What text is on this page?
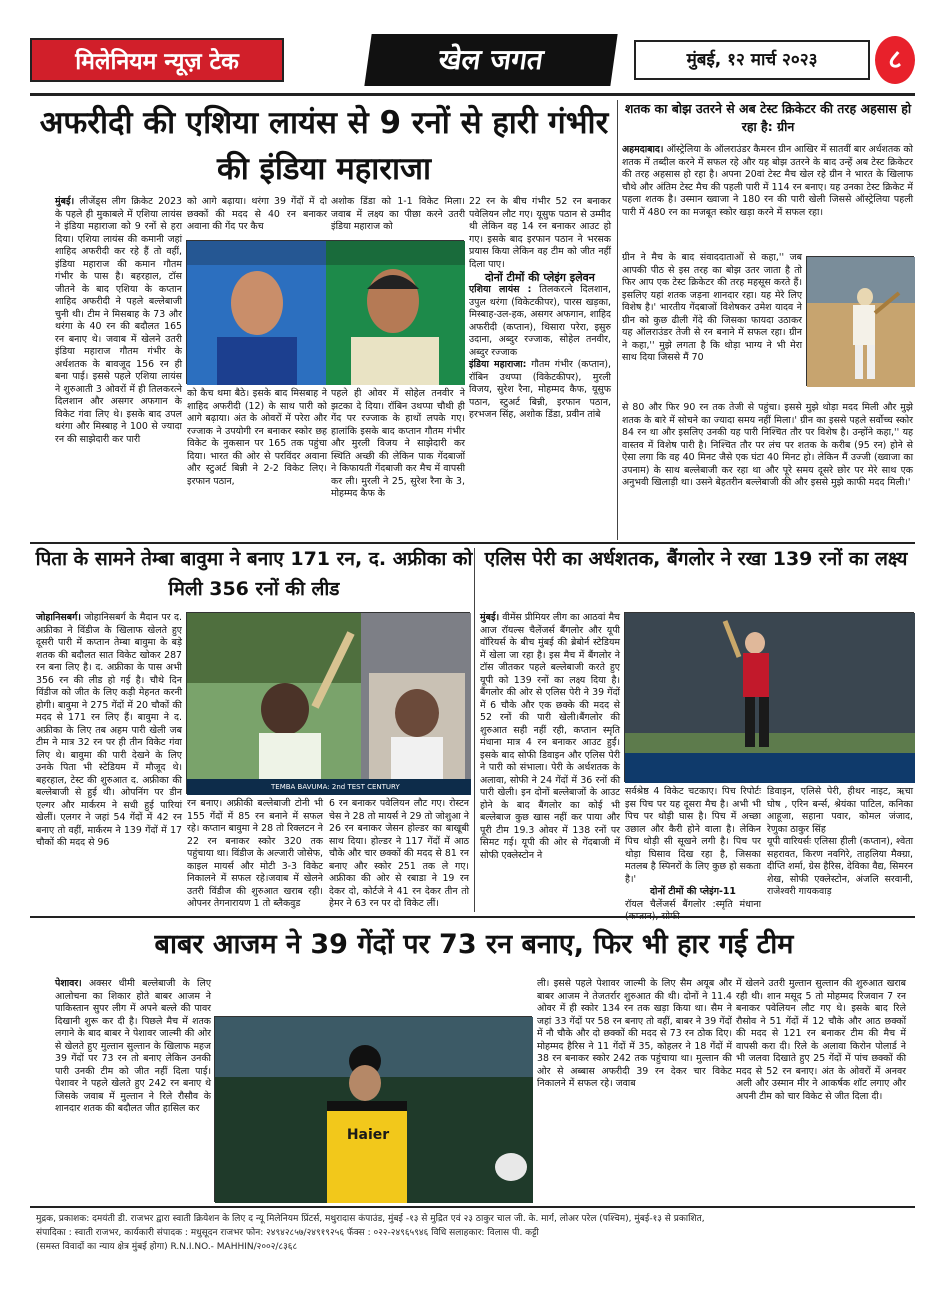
मिलेनियम न्यूज़ टेक	खेल जगत	मुंबई, १२ मार्च २०२३	८
अफरीदी की एशिया लायंस से 9 रनों से हारी गंभीर की इंडिया महाराजा
मुंबई। लीजेंड्स लीग क्रिकेट 2023 के पहले ही मुकाबले में एशिया लायंस ने इंडिया महाराजा को 9 रनों से हरा दिया। एशिया लायंस की कमानी जहां शाहिद अफरीदी कर रहे हैं तो वहीं, इंडिया महाराज की कमान गौतम गंभीर के पास है। बहरहाल, टॉस जीतने के बाद एशिया के कप्तान शाहिद अफरीदी ने पहले बल्लेबाजी चुनी थी। टीम ने मिसबाह के 73 और थरंगा के 40 रन की बदौलत 165 रन बनाए थे। जवाब में खेलने उतरी इंडिया महाराज गौतम गंभीर के अर्धशतक के बावजूद 156 रन ही बना पाई। इससे पहले एशिया लायंस ने शुरुआती 3 ओवरों में ही तिलकरत्ने दिलशान और असगर अफगान के विकेट गंवा लिए थे। इसके बाद उपल थरंगा और मिस्बाह ने 100 से ज्यादा रन की साझेदारी कर पारी
को आगे बढ़ाया। थरंगा 39 गेंदों में दो छक्कों की मदद से 40 रन बनाकर अवाना की गेंद पर कैच
अशोक डिंडा को 1-1 विकेट मिला।जवाब में लक्ष्य का पीछा करने उतरी इंडिया महाराज को
को कैच थमा बैठे। इसके बाद मिसबाह ने शाहिद अफरीदी (12) के साथ पारी को आगे बढ़ाया। अंत के ओवरों में परेरा और रज्जाक ने उपयोगी रन बनाकर स्कोर छह विकेट के नुकसान पर 165 तक पहुंचा दिया। भारत की ओर से परविंदर अवाना और स्टुअर्ट बिन्नी ने 2-2 विकेट लिए। इरफान पठान,
पहले ही ओवर में सोहेल तनवीर ने झटका दे दिया। रॉबिन उथप्पा चौथी ही गेंद पर रज्जाक के हाथों लपके गए। हालांकि इसके बाद कप्तान गौतम गंभीर और मुरली विजय ने साझेदारी कर स्थिति अच्छी की लेकिन पाक गेंदबाजों ने किफायती गेंदबाजी कर मैच में वापसी कर ली। मुरली ने 25, सुरेश रैना के 3, मोहम्मद कैफ के
22 रन के बीच गंभीर 52 रन बनाकर पवेलियन लौट गए। यूसुफ पठान से उम्मीद थी लेकिन वह 14 रन बनाकर आउट हो गए। इसके बाद इरफान पठान ने भरसक प्रयास किया लेकिन वह टीम को जीत नहीं दिला पाए।
दोनों टीमों की प्लेइंग इलेवन
एशिया लायंस : तिलकरत्ने दिलशान, उपुल थरंगा (विकेटकीपर), पारस खड़का, मिस्बाह-उल-हक, असगर अफगान, शाहिद अफरीदी (कप्तान), थिसारा परेरा, इसुरु उदाना, अब्दुर रज्जाक, सोहेल तनवीर, अब्दुर रज्जाक
इंडिया महाराजा: गौतम गंभीर (कप्तान), रॉबिन उथप्पा (विकेटकीपर), मुरली विजय, सुरेश रैना, मोहम्मद कैफ, यूसुफ पठान, स्टुअर्ट बिन्नी, इरफान पठान, हरभजन सिंह, अशोक डिंडा, प्रवीन तांबे
शतक का बोझ उतरने से अब टेस्ट क्रिकेटर की तरह अहसास हो रहा है: ग्रीन
अहमदाबाद। ऑस्ट्रेलिया के ऑलराउंडर कैमरन ग्रीन आखिर में सातवीं बार अर्धशतक को शतक में तब्दील करने में सफल रहे और यह बोझ उतरने के बाद उन्हें अब टेस्ट क्रिकेटर की तरह अहसास हो रहा है। अपना 20वां टेस्ट मैच खेल रहे ग्रीन ने भारत के खिलाफ चौथे और अंतिम टेस्ट मैच की पहली पारी में 114 रन बनाए। यह उनका टेस्ट क्रिकेट में पहला शतक है। उस्मान ख्वाजा ने 180 रन की पारी खेली जिससे ऑस्ट्रेलिया पहली पारी में 480 रन का मजबूत स्कोर खड़ा करने में सफल रहा।
ग्रीन ने मैच के बाद संवाददाताओं से कहा,'' जब आपकी पीठ से इस तरह का बोझ उतर जाता है तो फिर आप एक टेस्ट क्रिकेटर की तरह महसूस करते हैं। इसलिए यहां शतक जड़ना शानदार रहा। यह मेरे लिए विशेष है।' भारतीय गेंदबाजों विशेषकर उमेश यादव ने ग्रीन को कुछ ढीली गेंदे की जिसका फायदा उठाकर यह ऑलराउंडर तेजी से रन बनाने में सफल रहा। ग्रीन ने कहा,'' मुझे लगता है कि थोड़ा भाग्य ने भी मेरा साथ दिया जिससे मैं 70
से 80 और फिर 90 रन तक तेजी से पहुंचा। इससे मुझे थोड़ा मदद मिली और मुझे शतक के बारे में सोचने का ज्यादा समय नहीं मिला।' ग्रीन का इससे पहले सर्वोच्च स्कोर 84 रन था और इसलिए उनकी यह पारी निश्चित तौर पर विशेष है। उन्होंने कहा,'' यह वास्तव में विशेष पारी है। निश्चित तौर पर लंच पर शतक के करीब (95 रन) होने से ऐसा लगा कि वह 40 मिनट जैसे एक घंटा 40 मिनट हो। लेकिन मैं उज्जी (ख्वाजा का उपनाम) के साथ बल्लेबाजी कर रहा था और पूरे समय दूसरे छोर पर मेरे साथ एक अनुभवी खिलाड़ी था। उसने बेहतरीन बल्लेबाजी की और इससे मुझे काफी मदद मिली।'
पिता के सामने तेम्बा बावुमा ने बनाए 171 रन, द. अफ्रीका को मिली 356 रनों की लीड
जोहानिसबर्ग। जोहानिसबर्ग के मैदान पर द. अफ्रीका ने विंडीज के खिलाफ खेलते हुए दूसरी पारी में कप्तान तेम्बा बावुमा के बड़े शतक की बदौलत सात विकेट खोकर 287 रन बना लिए है। द. अफ्रीका के पास अभी 356 रन की लीड हो गई है। चौथे दिन विंडीज को जीत के लिए कड़ी मेहनत करनी होगी। बावुमा ने 275 गेंदों में 20 चौकों की मदद से 171 रन लिए हैं। बावुमा ने द. अफ्रीका के लिए तब अहम पारी खेली जब टीम ने मात्र 32 रन पर ही तीन विकेट गंवा लिए थे। बावुमा की पारी देखने के लिए उनके पिता भी स्टेडियम में मौजूद थे।बहरहाल, टेस्ट की शुरुआत द. अफ्रीका की बल्लेबाजी से हुई थी। ओपनिंग पर डीन एल्गर और मार्करम ने सधी हुई पारियां खेलीं। एलगर ने जहां 54 गेंदों में 42 रन बनाए तो वहीं, मार्करम ने 139 गेंदों में 17 चौकों की मदद से 96
TEMBA BAVUMA: 2nd TEST CENTURY
रन बनाए। अफ्रीकी बल्लेबाजी टोनी भी 155 गेंदों में 85 रन बनाने में सफल रहे। कप्तान बावुमा ने 28 तो रिक्लटन ने 22 रन बनाकर स्कोर 320 तक पहुंचाया था। विंडीज के अल्जारी जोसेफ, काइल मायर्स और मोटी 3-3 विकेट निकालने में सफल रहे।जवाब में खेलने उतरी विंडीज की शुरुआत खराब रही। ओपनर तेगनारायण 1 तो ब्लैकवुड
6 रन बनाकर पवेलियन लौट गए। रोस्टन चेस ने 28 तो मायर्स ने 29 तो जोशुआ ने 26 रन बनाकर जेसन होल्डर का बाखूबी साथ दिया। होल्डर ने 117 गेंदों में आठ चौके और चार छक्कों की मदद से 81 रन बनाए और स्कोर 251 तक ले गए। अफ्रीका की ओर से रबाडा ने 19 रन देकर दो, कोर्टजे ने 41 रन देकर तीन तो हेमर ने 63 रन पर दो विकेट लीं।
एलिस पेरी का अर्धशतक, बैंगलोर ने रखा 139 रनों का लक्ष्य
मुंबई। वीमेंस प्रीमियर लीग का आठवां मैच आज रॉयल्स चैलेंजर्स बैंगलोर और यूपी वॉरियर्स के बीच मुंबई की ब्रेबोर्न स्टेडियम में खेला जा रहा है। इस मैच में बैंगलोर ने टॉस जीतकर पहले बल्लेबाजी करते हुए यूपी को 139 रनों का लक्ष्य दिया है। बैंगलोर की ओर से एलिस पेरी ने 39 गेंदों में 6 चौके और एक छक्के की मदद से 52 रनों की पारी खेली।बैंगलोर की शुरुआत सही नहीं रही, कप्तान स्मृति मंधाना मात्र 4 रन बनाकर आउट हुईं। इसके बाद सोफी डिवाइन और एलिस पेरी ने पारी को संभाला। पेरी के अर्धशतक के अलावा, सोफी ने 24 गेंदों में 36 रनों की पारी खेली। इन दोनों बल्लेबाजों के आउट होने के बाद बैंगलोर का कोई भी बल्लेबाज कुछ खास नहीं कर पाया और पूरी टीम 19.3 ओवर में 138 रनों पर सिमट गई। यूपी की ओर से गेंदबाजी में सोफी एक्लेस्टोन ने
सर्वश्रेष्ठ 4 विकेट चटकाए। पिच रिपोर्टः इस पिच पर यह दूसरा मैच है। अभी भी पिच पर थोड़ी घास है। पिच में अच्छा उछाल और कैरी होने वाला है। लेकिन पिच थोड़ी सी सूखने लगी है। पिच पर थोड़ा घिसाव दिख रहा है, जिसका मतलब है स्पिनरों के लिए कुछ हो सकता है।'
दोनों टीमों की प्लेइंग-11
रॉयल चैलेंजर्स बैंगलोर :स्मृति मंधाना
डिवाइन, एलिसे पेरी, हीथर नाइट, ऋचा घोष , एरिन बर्न्स, श्रेयंका पाटिल, कनिका आहूजा, सहाना पवार, कोमल जंजाद, रेणुका ठाकुर सिंह
यूपी वारियर्सः एलिसा हीली (कप्तान), श्वेता सहरावत, किरण नवगिरे, ताहलिया मैक्ग्रा, दीप्ति शर्मा, ग्रेस हैरिस, देविका वैद्य, सिमरन शेख, सोफी एक्लेस्टोन, अंजलि सरवानी, राजेश्वरी गायकवाड़
बाबर आजम ने 39 गेंदों पर 73 रन बनाए, फिर भी हार गई टीम
पेशावर। अक्सर धीमी बल्लेबाजी के लिए आलोचना का शिकार होते बाबर आजम ने पाकिस्तान सुपर लीग में अपने बल्ले की पावर दिखानी शुरू कर दी है। पिछले मैच में शतक लगाने के बाद बाबर ने पेशावर जाल्मी की ओर से खेलते हुए मुल्तान सुल्तान के खिलाफ महज 39 गेंदों पर 73 रन तो बनाए लेकिन उनकी पारी उनकी टीम को जीत नहीं दिला पाई। पेशावर ने पहले खेलते हुए 242 रन बनाए थे जिसके जवाब में मुल्तान ने रिले रौसौव के शानदार शतक की बदौलत जीत हासिल कर
Haier
ली। इससे पहले पेशावर जाल्मी के लिए सैम अयूब और बाबर आजम ने तेजतर्रार शुरुआत की थी। दोनों ने 11.4 ओवर में ही स्कोर 134 रन तक खड़ा किया था। सैम ने जहां 33 गेंदों पर 58 रन बनाए तो वहीं, बाबर ने 39 गेंदों में नौ चौके और दो छक्कों की मदद से 73 रन ठोक दिए। मोहम्मद हैरिस ने 11 गेंदों में 35, कोहलर ने 18 गेंदों में 38 रन बनाकर स्कोर 242 तक पहुंचाया था। मुल्तान की ओर से अब्बास अफरीदी 39 रन देकर चार विकेट निकालने में सफल रहे। जवाब
में खेलने उतरी मुल्तान सुल्तान की शुरुआत खराब रही थी। शान मसूद 5 तो मोहम्मद रिजवान 7 रन बनाकर पवेलियन लौट गए थे। इसके बाद रिले रौसोव ने 51 गेंदों में 12 चौके और आठ छक्कों की मदद से 121 रन बनाकर टीम की मैच में वापसी करा दी। रिले के अलावा किरोन पोलार्ड ने भी जलवा दिखाते हुए 25 गेंदों में पांच छक्कों की मदद से 52 रन बनाए। अंत के ओवरों में अनवर अली और उस्मान मीर ने आकर्षक शॉट लगाए और अपनी टीम को चार विकेट से जीत दिला दी।
मुद्रक, प्रकाशक: दमयंती डी. राजभर द्वारा स्वाती क्रियेशन के लिए द न्यू मिलेनियम प्रिंटर्स, मथुरादास कंपाउंड, मुंबई -१३ से मुद्रित एवं २३ ठाकुर चाल जी. के. मार्ग, लोअर परेल (पश्चिम), मुंबई-१३ से प्रकाशित,
संपादिका : स्वाती राजभर, कार्यकारी संपादक : मधुसूदन राजभर फोन: २४९४२८५७/२४९१९२५६ फॅक्स : ०२२-२४९६५९४६ विधि सलाहकार: विलास पी. कट्टी
(समस्त विवादों का न्याय क्षेत्र मुंबई होगा) R.N.I.NO.- MAHHIN/२००२/८३६८
